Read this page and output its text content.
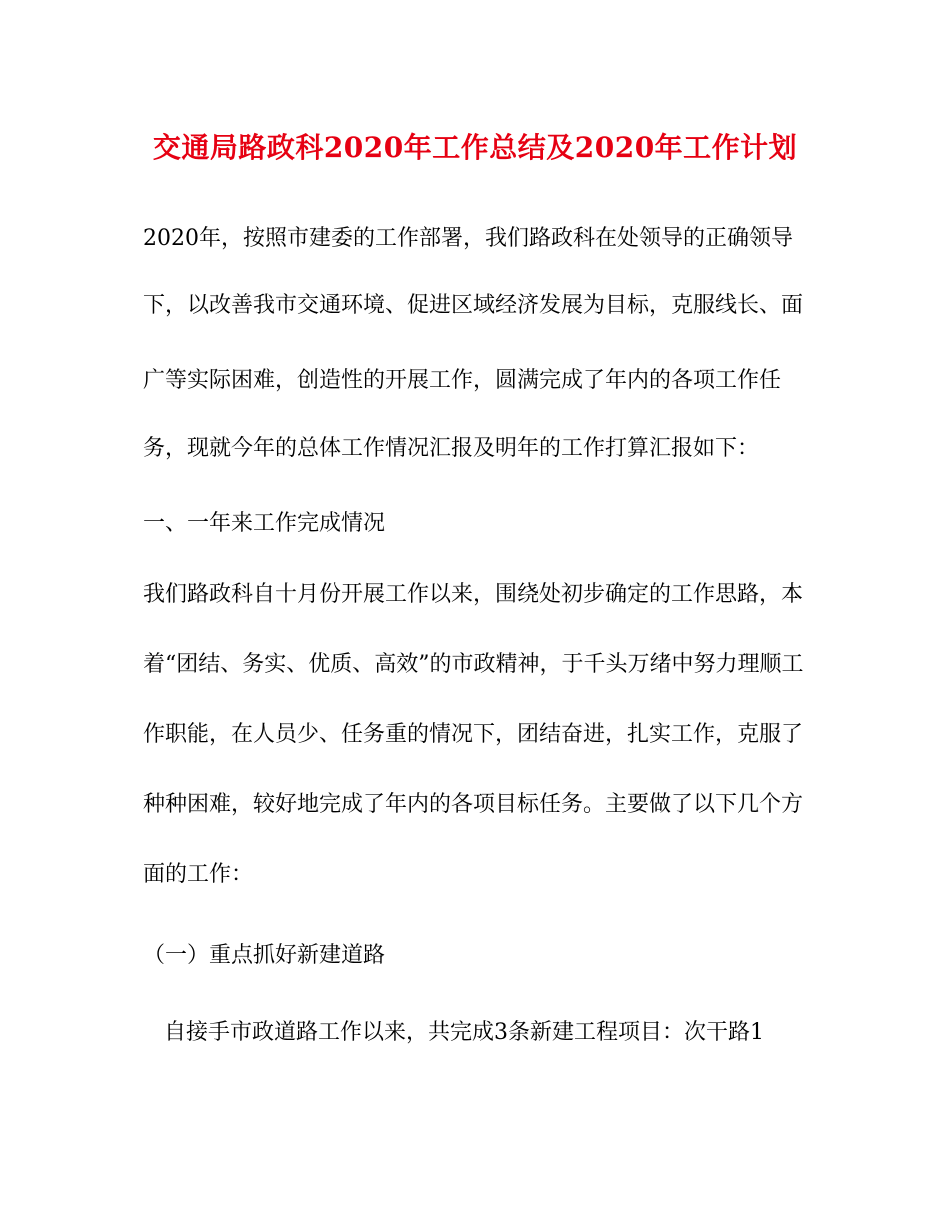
交通局路政科2020年工作总结及2020年工作计划
2020年，按照市建委的工作部署，我们路政科在处领导的正确领导
下，以改善我市交通环境、促进区域经济发展为目标，克服线长、面
广等实际困难，创造性的开展工作，圆满完成了年内的各项工作任
务，现就今年的总体工作情况汇报及明年的工作打算汇报如下：
一、一年来工作完成情况
我们路政科自十月份开展工作以来，围绕处初步确定的工作思路，本
着“团结、务实、优质、高效”的市政精神，于千头万绪中努力理顺工
作职能，在人员少、任务重的情况下，团结奋进，扎实工作，克服了
种种困难，较好地完成了年内的各项目标任务。主要做了以下几个方
面的工作：
（一）重点抓好新建道路
自接手市政道路工作以来，共完成3条新建工程项目：次干路1
